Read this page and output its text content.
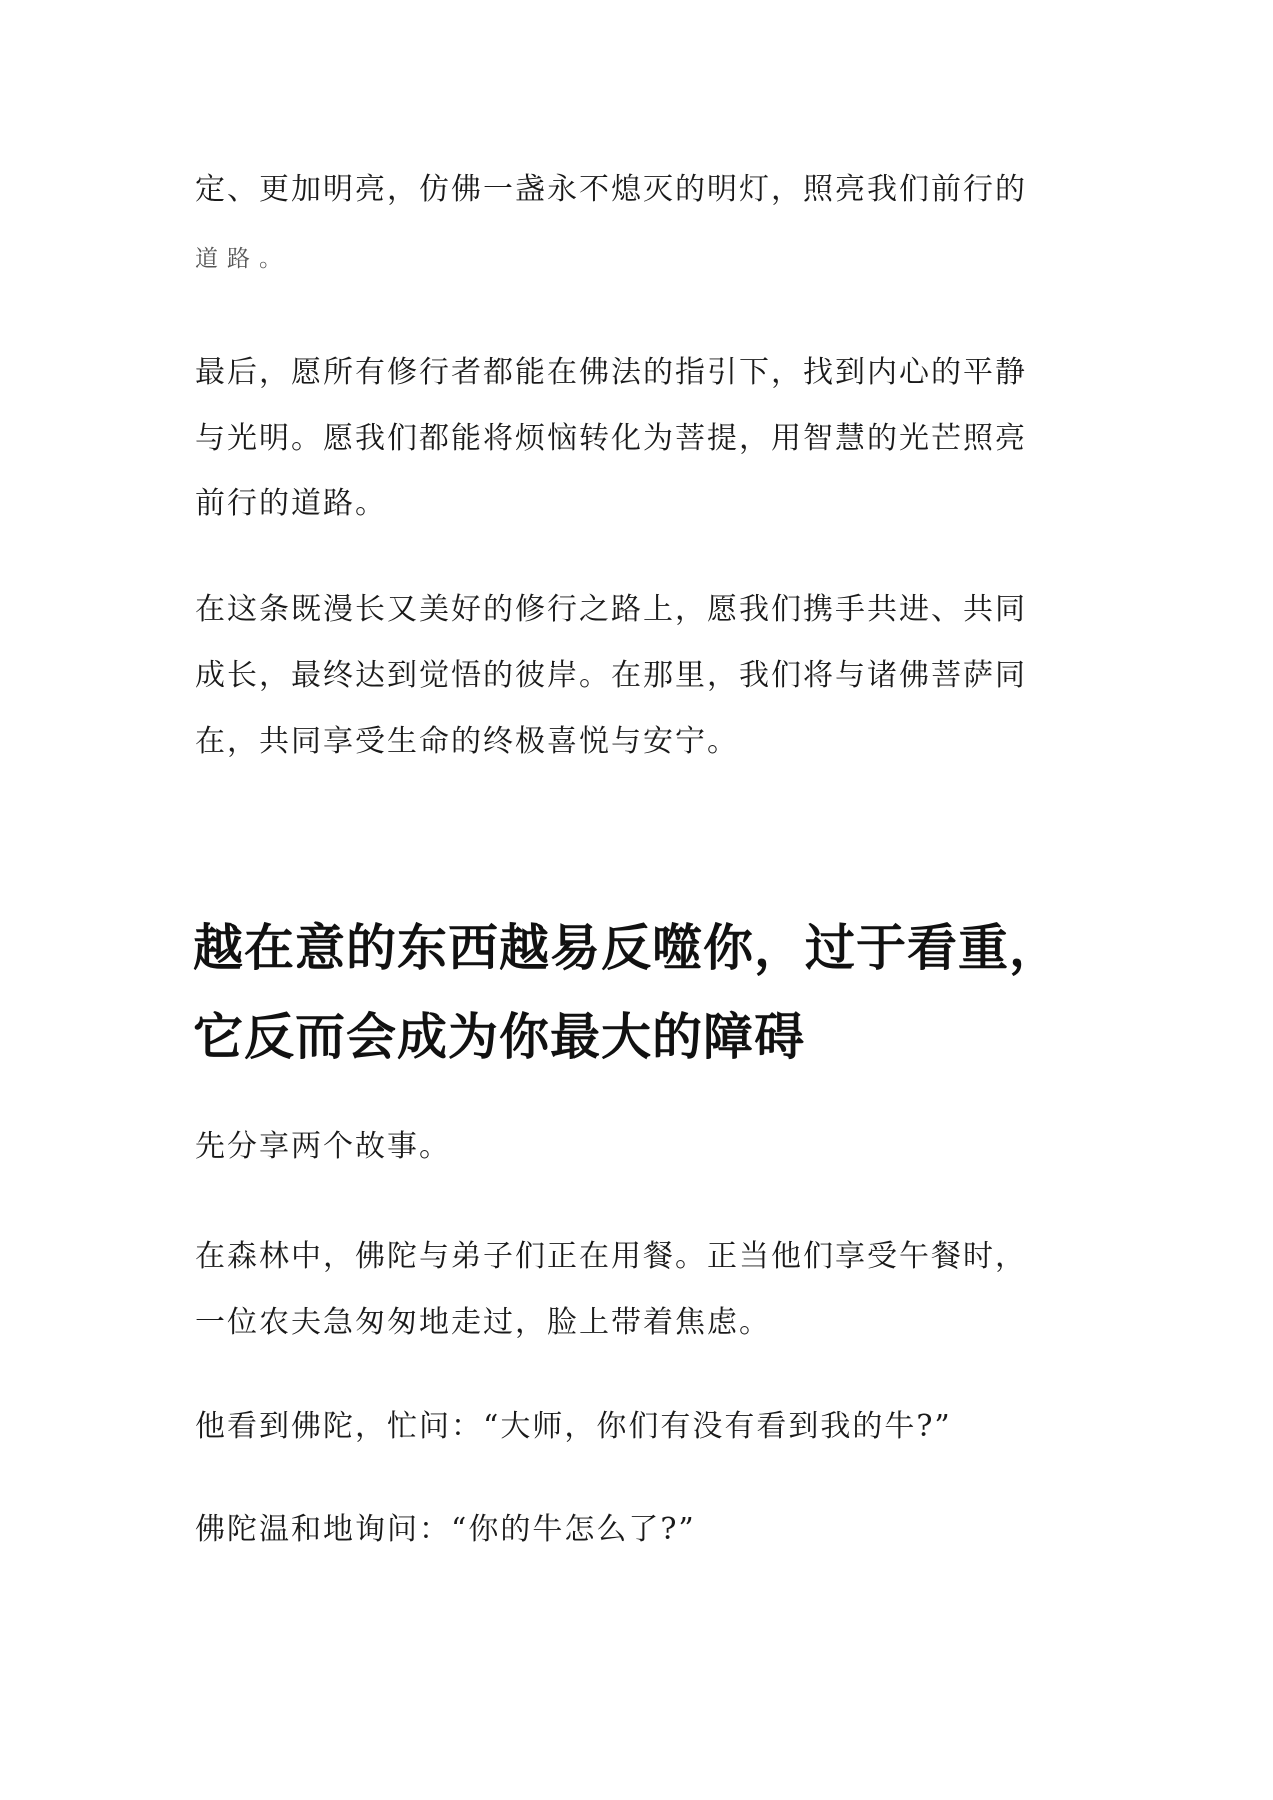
定、更加明亮，仿佛一盏永不熄灭的明灯，照亮我们前行的
道路。
最后，愿所有修行者都能在佛法的指引下，找到内心的平静
与光明。愿我们都能将烦恼转化为菩提，用智慧的光芒照亮
前行的道路。
在这条既漫长又美好的修行之路上，愿我们携手共进、共同
成长，最终达到觉悟的彼岸。在那里，我们将与诸佛菩萨同
在，共同享受生命的终极喜悦与安宁。
越在意的东西越易反噬你，过于看重，
它反而会成为你最大的障碍
先分享两个故事。
在森林中，佛陀与弟子们正在用餐。正当他们享受午餐时，
一位农夫急匆匆地走过，脸上带着焦虑。
他看到佛陀，忙问：“大师，你们有没有看到我的牛?”
佛陀温和地询问：“你的牛怎么了?”
